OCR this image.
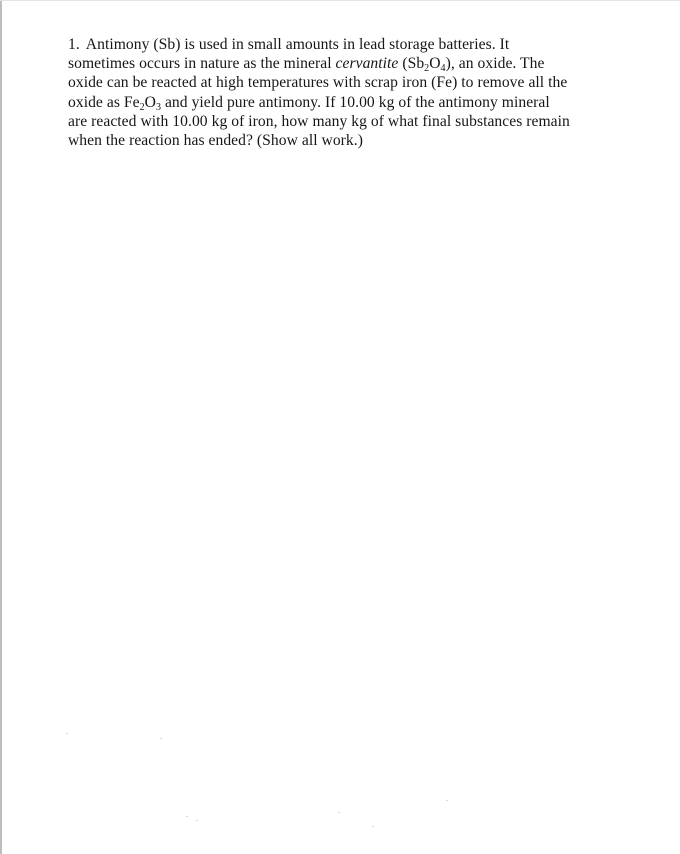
1. Antimony (Sb) is used in small amounts in lead storage batteries. It
sometimes occurs in nature as the mineral cervantite $(Sb_2O_4)$, an oxide. The
oxide can be reacted at high temperatures with scrap iron (Fe) to remove all the
oxide as $Fe_2O_3$ and yield pure antimony. If 10.00 kg of the antimony mineral
are reacted with 10.00 kg of iron, how many kg of what final substances remain
when the reaction has ended? (Show all work.)
